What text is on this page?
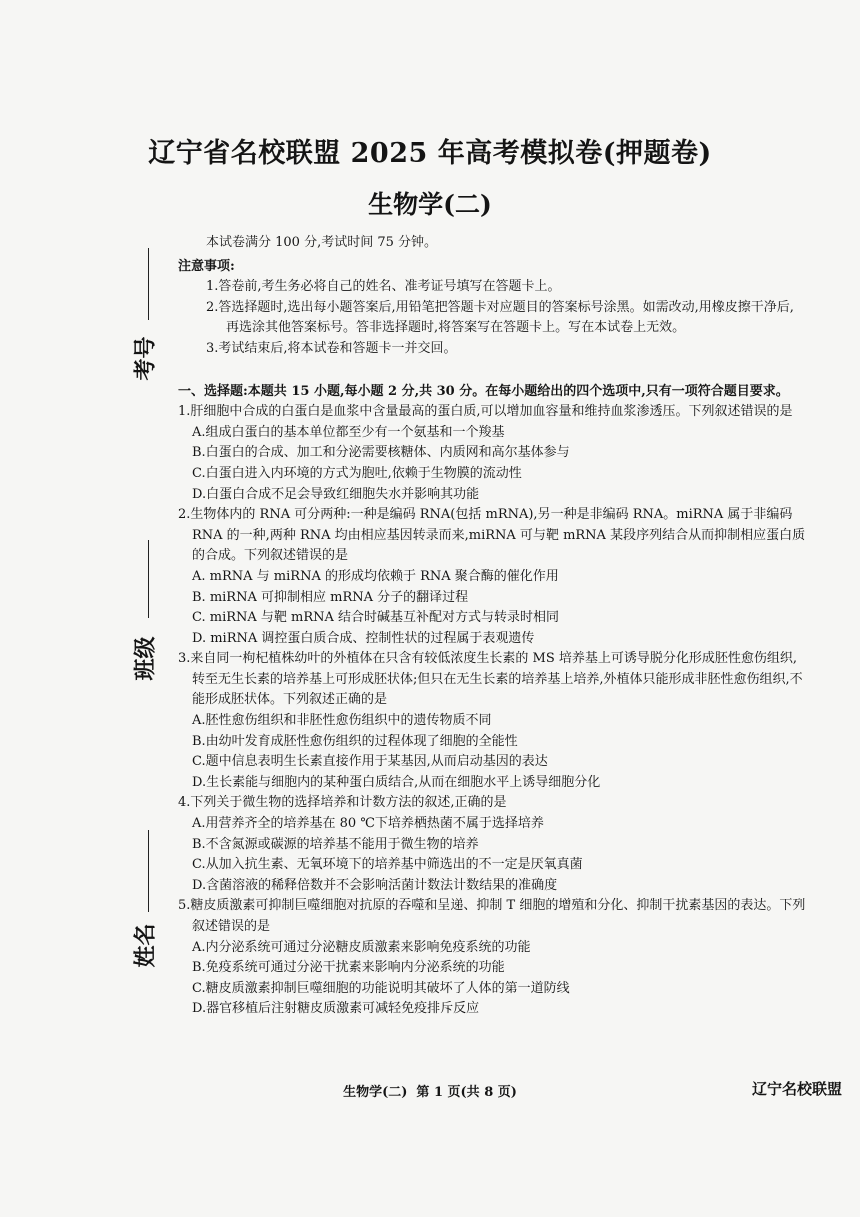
考号
班级
姓名
辽宁省名校联盟 2025 年高考模拟卷(押题卷)
生物学(二)

本试卷满分 100 分,考试时间 75 分钟。

注意事项:

1.答卷前,考生务必将自己的姓名、准考证号填写在答题卡上。

2.答选择题时,选出每小题答案后,用铅笔把答题卡对应题目的答案标号涂黑。如需改动,用橡皮擦干净后,再选涂其他答案标号。答非选择题时,将答案写在答题卡上。写在本试卷上无效。

3.考试结束后,将本试卷和答题卡一并交回。

一、选择题:本题共 15 小题,每小题 2 分,共 30 分。在每小题给出的四个选项中,只有一项符合题目要求。

1.肝细胞中合成的白蛋白是血浆中含量最高的蛋白质,可以增加血容量和维持血浆渗透压。下列叙述错误的是

A.组成白蛋白的基本单位都至少有一个氨基和一个羧基

B.白蛋白的合成、加工和分泌需要核糖体、内质网和高尔基体参与

C.白蛋白进入内环境的方式为胞吐,依赖于生物膜的流动性

D.白蛋白合成不足会导致红细胞失水并影响其功能

2.生物体内的 RNA 可分两种:一种是编码 RNA(包括 mRNA),另一种是非编码 RNA。miRNA 属于非编码 RNA 的一种,两种 RNA 均由相应基因转录而来,miRNA 可与靶 mRNA 某段序列结合从而抑制相应蛋白质的合成。下列叙述错误的是

A. mRNA 与 miRNA 的形成均依赖于 RNA 聚合酶的催化作用

B. miRNA 可抑制相应 mRNA 分子的翻译过程

C. miRNA 与靶 mRNA 结合时碱基互补配对方式与转录时相同

D. miRNA 调控蛋白质合成、控制性状的过程属于表观遗传

3.来自同一枸杞植株幼叶的外植体在只含有较低浓度生长素的 MS 培养基上可诱导脱分化形成胚性愈伤组织,转至无生长素的培养基上可形成胚状体;但只在无生长素的培养基上培养,外植体只能形成非胚性愈伤组织,不能形成胚状体。下列叙述正确的是

A.胚性愈伤组织和非胚性愈伤组织中的遗传物质不同

B.由幼叶发育成胚性愈伤组织的过程体现了细胞的全能性

C.题中信息表明生长素直接作用于某基因,从而启动基因的表达

D.生长素能与细胞内的某种蛋白质结合,从而在细胞水平上诱导细胞分化

4.下列关于微生物的选择培养和计数方法的叙述,正确的是

A.用营养齐全的培养基在 80 ℃下培养栖热菌不属于选择培养

B.不含氮源或碳源的培养基不能用于微生物的培养

C.从加入抗生素、无氧环境下的培养基中筛选出的不一定是厌氧真菌

D.含菌溶液的稀释倍数并不会影响活菌计数法计数结果的准确度

5.糖皮质激素可抑制巨噬细胞对抗原的吞噬和呈递、抑制 T 细胞的增殖和分化、抑制干扰素基因的表达。下列叙述错误的是

A.内分泌系统可通过分泌糖皮质激素来影响免疫系统的功能

B.免疫系统可通过分泌干扰素来影响内分泌系统的功能

C.糖皮质激素抑制巨噬细胞的功能说明其破坏了人体的第一道防线

D.器官移植后注射糖皮质激素可减轻免疫排斥反应

生物学(二)  第 1 页(共 8 页)	辽宁名校联盟
